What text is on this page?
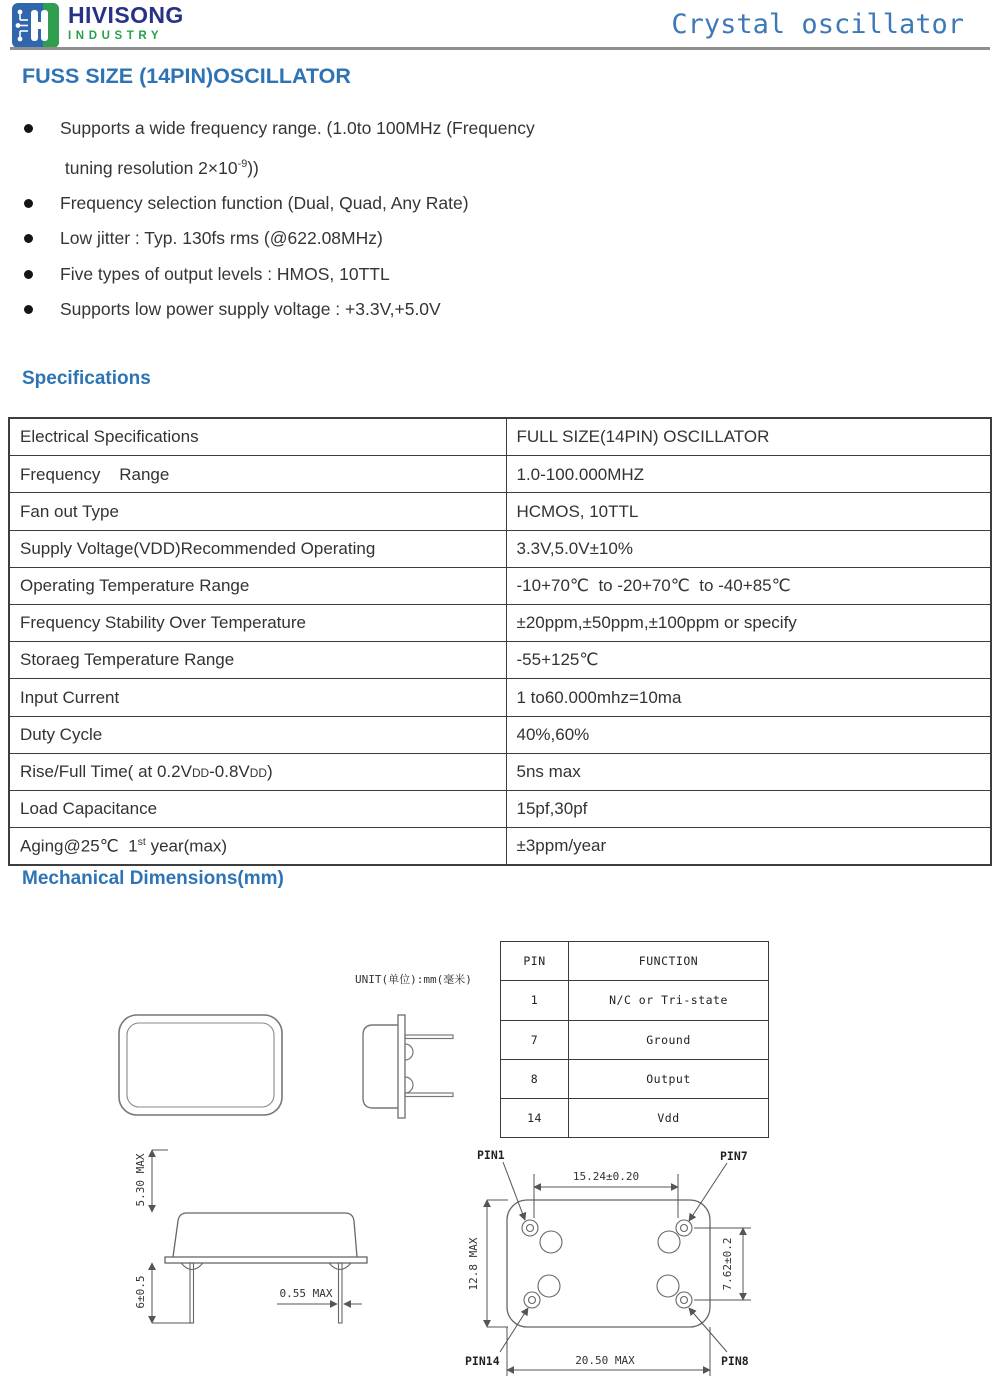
HIVISONG
INDUSTRY	Crystal oscillator
FUSS SIZE (14PIN)OSCILLATOR
Supports a wide frequency range. (1.0to 100MHz (Frequency
tuning resolution $2\times 10^{-9}$))
Frequency selection function (Dual, Quad, Any Rate)
Low jitter : Typ. 130fs rms (@622.08MHz)
Five types of output levels : HMOS, 10TTL
Supports low power supply voltage : +3.3V,+5.0V
Specifications
Electrical Specifications	FULL SIZE(14PIN) OSCILLATOR
Frequency    Range	1.0-100.000MHZ
Fan out Type	HCMOS, 10TTL
Supply Voltage(VDD)Recommended Operating	3.3V,5.0V±10%
Operating Temperature Range	-10+70℃  to -20+70℃  to -40+85℃
Frequency Stability Over Temperature	±20ppm,±50ppm,±100ppm or specify
Storaeg Temperature Range	-55+125℃
Input Current	1 to60.000mhz=10ma
Duty Cycle	40%,60%
Rise/Full Time( at 0.2VDD-0.8VDD)	5ns max
Load Capacitance	15pf,30pf
Aging@25℃  1st year(max)	±3ppm/year
Mechanical Dimensions(mm)
UNIT(单位):mm(毫米)
PIN	FUNCTION
1	N/C or Tri-state
7	Ground
8	Output
14	Vdd
5.30 MAX
6±0.5	0.55 MAX
15.24±0.20
12.8 MAX	7.62±0.2
20.50 MAX
PIN1	PIN7
PIN14	PIN8
